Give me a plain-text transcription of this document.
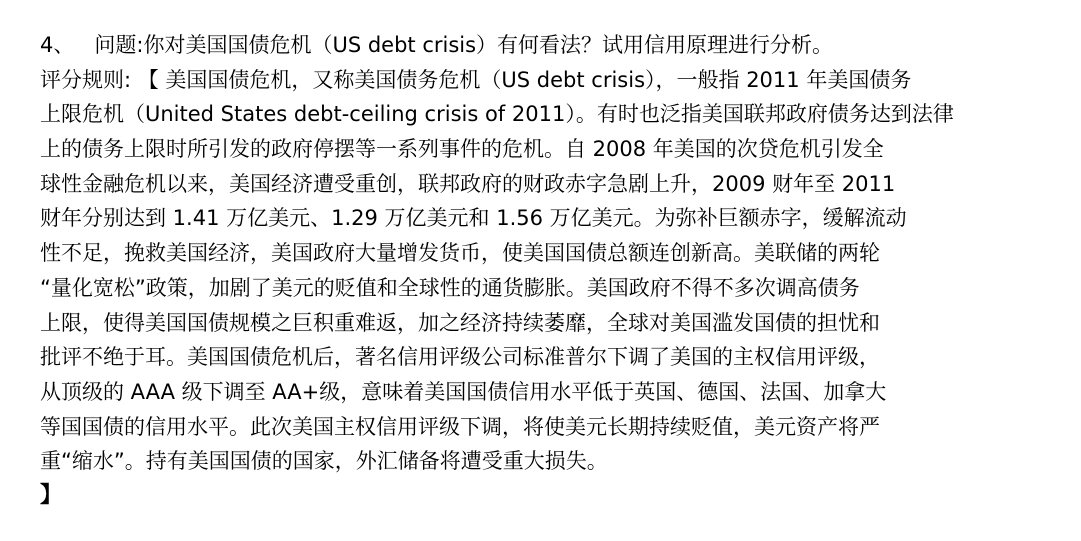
4、 问题:你对美国国债危机（US debt crisis）有何看法？试用信用原理进行分析。
评分规则: 【 美国国债危机，又称美国债务危机（US debt crisis），一般指 2011 年美国债务
上限危机（United States debt-ceiling crisis of 2011）。有时也泛指美国联邦政府债务达到法律
上的债务上限时所引发的政府停摆等一系列事件的危机。自 2008 年美国的次贷危机引发全
球性金融危机以来，美国经济遭受重创，联邦政府的财政赤字急剧上升，2009 财年至 2011
财年分别达到 1.41 万亿美元、1.29 万亿美元和 1.56 万亿美元。为弥补巨额赤字，缓解流动
性不足，挽救美国经济，美国政府大量增发货币，使美国国债总额连创新高。美联储的两轮
“量化宽松”政策，加剧了美元的贬值和全球性的通货膨胀。美国政府不得不多次调高债务
上限，使得美国国债规模之巨积重难返，加之经济持续萎靡，全球对美国滥发国债的担忧和
批评不绝于耳。美国国债危机后，著名信用评级公司标准普尔下调了美国的主权信用评级，
从顶级的 AAA 级下调至 AA+级，意味着美国国债信用水平低于英国、德国、法国、加拿大
等国国债的信用水平。此次美国主权信用评级下调，将使美元长期持续贬值，美元资产将严
重“缩水”。持有美国国债的国家，外汇储备将遭受重大损失。
】
